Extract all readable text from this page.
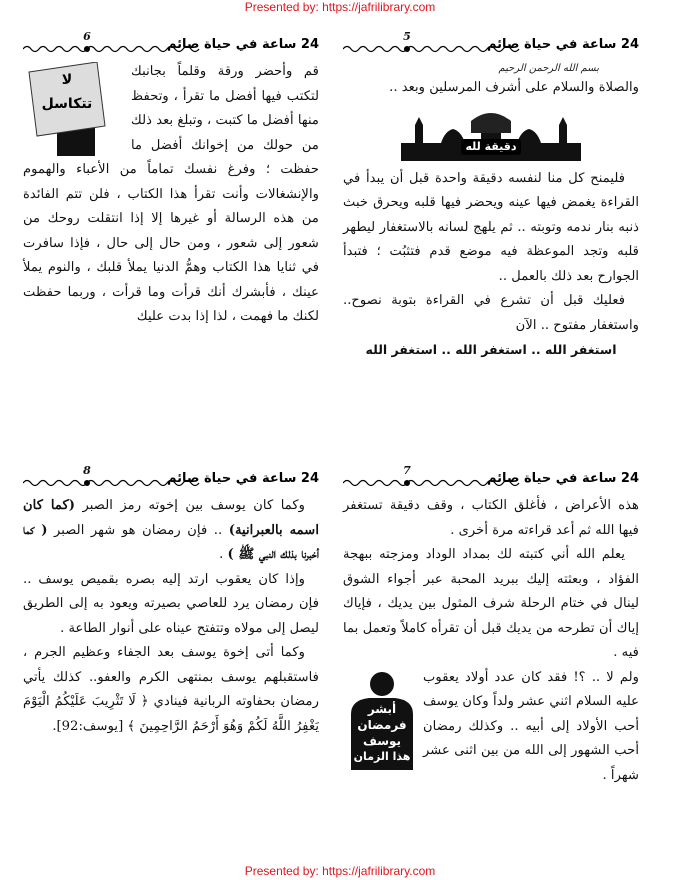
Presented by: https://jafrilibrary.com
24 ساعة في حياة صائم
5
بسم الله الرحمن الرحيم

والصلاة والسلام على أشرف المرسلين وبعد ..

دقيقة لله

فليمنح كل منا لنفسه دقيقة واحدة قبل أن يبدأ في القراءة يغمض فيها عينه ويحضر فيها قلبه ويحرق خبث ذنبه بنار ندمه وتوبته .. ثم يلهج لسانه بالاستغفار ليطهر قلبه وتجد الموعظة فيه موضع قدم فتثبُت ؛ فتبدأ الجوارح بعد ذلك بالعمل ..

فعليك قبل أن تشرع في القراءة بتوبة نصوح.. واستغفار مفتوح .. الآن

استغفر الله .. استغفر الله .. استغفر الله
24 ساعة في حياة صائم
6
لا
تتكاسل

قم وأحضر ورقة وقلماً بجانبك لتكتب فيها أفضل ما تقرأ ، وتحفظ منها أفضل ما كتبت ، وتبلغ بعد ذلك من حولك من إخوانك أفضل ما حفظت ؛ وفرغ نفسك تماماً من الأعباء والهموم والإنشغالات وأنت تقرأ هذا الكتاب ، فلن تتم الفائدة من هذه الرسالة أو غيرها إلا إذا انتقلت روحك من شعور إلى شعور ، ومن حال إلى حال ، فإذا سافرت في ثنايا هذا الكتاب وهمُّ الدنيا يملأ قلبك ، والنوم يملأ عينك ، فأبشرك أنك قرأت وما قرأت ، وربما حفظت لكنك ما فهمت ، لذا إذا بدت عليك

24 ساعة في حياة صائم
7

هذه الأعراض ، فأغلق الكتاب ، وقف دقيقة تستغفر فيها الله ثم أعد قراءته مرة أخرى .

يعلم الله أني كتبته لك بمداد الوداد ومزجته ببهجة الفؤاد ، وبعثته إليك ببريد المحبة عبر أجواء الشوق لينال في ختام الرحلة شرف المثول بين يديك ، فإياك إياك أن تطرحه من يديك قبل أن تقرأه كاملاً وتعمل بما فيه .

أبشر
فرمضان
يوسف
هذا الزمان

ولم لا .. ؟! فقد كان عدد أولاد يعقوب عليه السلام اثني عشر ولداً وكان يوسف أحب الأولاد إلى أبيه .. وكذلك رمضان أحب الشهور إلى الله من بين اثنى عشر شهراً .

24 ساعة في حياة صائم
8

وكما كان يوسف بين إخوته رمز الصبر (كما كان اسمه بالعبرانية) .. فإن رمضان هو شهر الصبر ( كما أخبرنا بذلك النبي ﷺ ) .

وإذا كان يعقوب ارتد إليه بصره بقميص يوسف .. فإن رمضان يرد للعاصي بصيرته ويعود به إلى الطريق ليصل إلى مولاه وتتفتح عيناه على أنوار الطاعة .

وكما أتى إخوة يوسف بعد الجفاء وعظيم الجرم ، فاستقبلهم يوسف بمنتهى الكرم والعفو.. كذلك يأتي رمضان بحفاوته الربانية فينادي ﴿ لَا تَثْرِيبَ عَلَيْكُمُ الْيَوْمَ يَغْفِرُ اللَّهُ لَكُمْ وَهُوَ أَرْحَمُ الرَّاحِمِينَ ﴾ [يوسف:92].

Presented by: https://jafrilibrary.com
